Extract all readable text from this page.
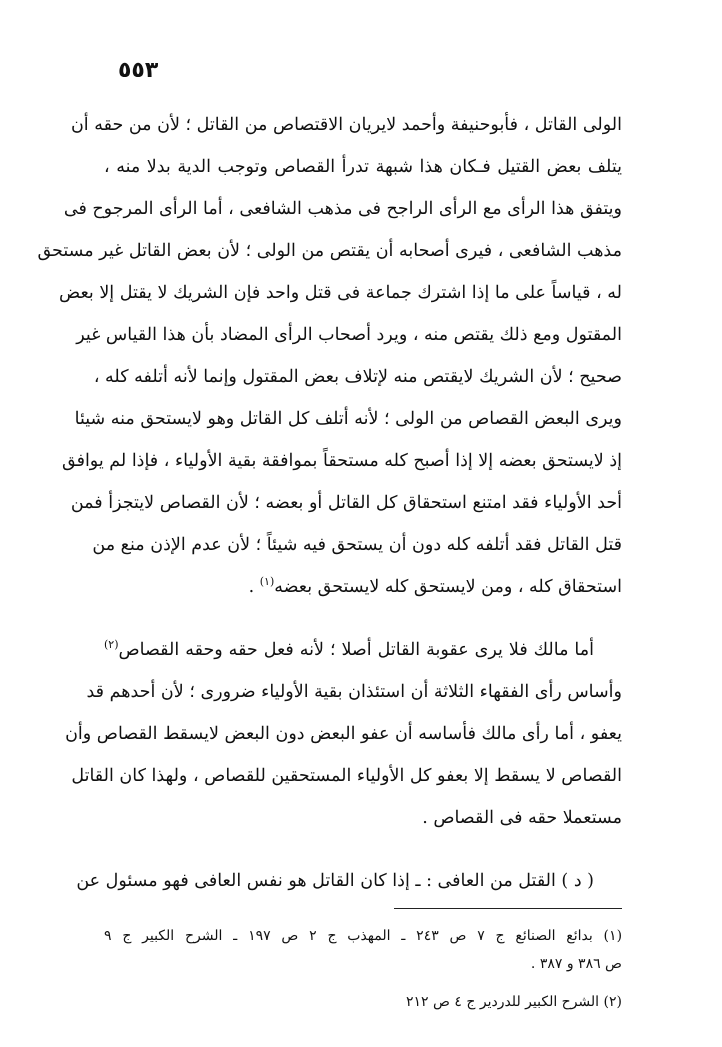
٥٥٣
الولى القاتل ، فأبوحنيفة وأحمد لايريان الاقتصاص من القاتل ؛ لأن من حقه أن
يتلف بعض القتيل فـكان هذا شبهة تدرأ القصاص وتوجب الدية بدلا منه ،
ويتفق هذا الرأى مع الرأى الراجح فى مذهب الشافعى ، أما الرأى المرجوح فى
مذهب الشافعى ، فيرى أصحابه أن يقتص من الولى ؛ لأن بعض القاتل غير مستحق
له ، قياساً على ما إذا اشترك جماعة فى قتل واحد فإن الشريك لا يقتل إلا بعض
المقتول ومع ذلك يقتص منه ، ويرد أصحاب الرأى المضاد بأن هذا القياس غير
صحيح ؛ لأن الشريك لايقتص منه لإتلاف بعض المقتول وإنما لأنه أتلفه كله ،
ويرى البعض القصاص من الولى ؛ لأنه أتلف كل القاتل وهو لايستحق منه شيئا
إذ لايستحق بعضه إلا إذا أصبح كله مستحقاً بموافقة بقية الأولياء ، فإذا لم يوافق
أحد الأولياء فقد امتنع استحقاق كل القاتل أو بعضه ؛ لأن القصاص لايتجزأ فمن
قتل القاتل فقد أتلفه كله دون أن يستحق فيه شيئاً ؛ لأن عدم الإذن منع من
استحقاق كله ، ومن لايستحق كله لايستحق بعضه$^{(١)}$ .
أما مالك فلا يرى عقوبة القاتل أصلا ؛ لأنه فعل حقه وحقه القصاص$^{(٢)}$
وأساس رأى الفقهاء الثلاثة أن استئذان بقية الأولياء ضرورى ؛ لأن أحدهم قد
يعفو ، أما رأى مالك فأساسه أن عفو البعض دون البعض لايسقط القصاص وأن
القصاص لا يسقط إلا بعفو كل الأولياء المستحقين للقصاص ، ولهذا كان القاتل
مستعملا حقه فى القصاص .
( د ) القتل من العافى : ـ إذا كان القاتل هو نفس العافى فهو مسئول عن
(١) بدائع الصنائع ج ٧ ص ٢٤٣ ـ المهذب ج ٢ ص ١٩٧ ـ الشرح الكبير ج ٩
ص ٣٨٦ و ٣٨٧ .
(٢) الشرح الكبير للدردير ج ٤ ص ٢١٢
